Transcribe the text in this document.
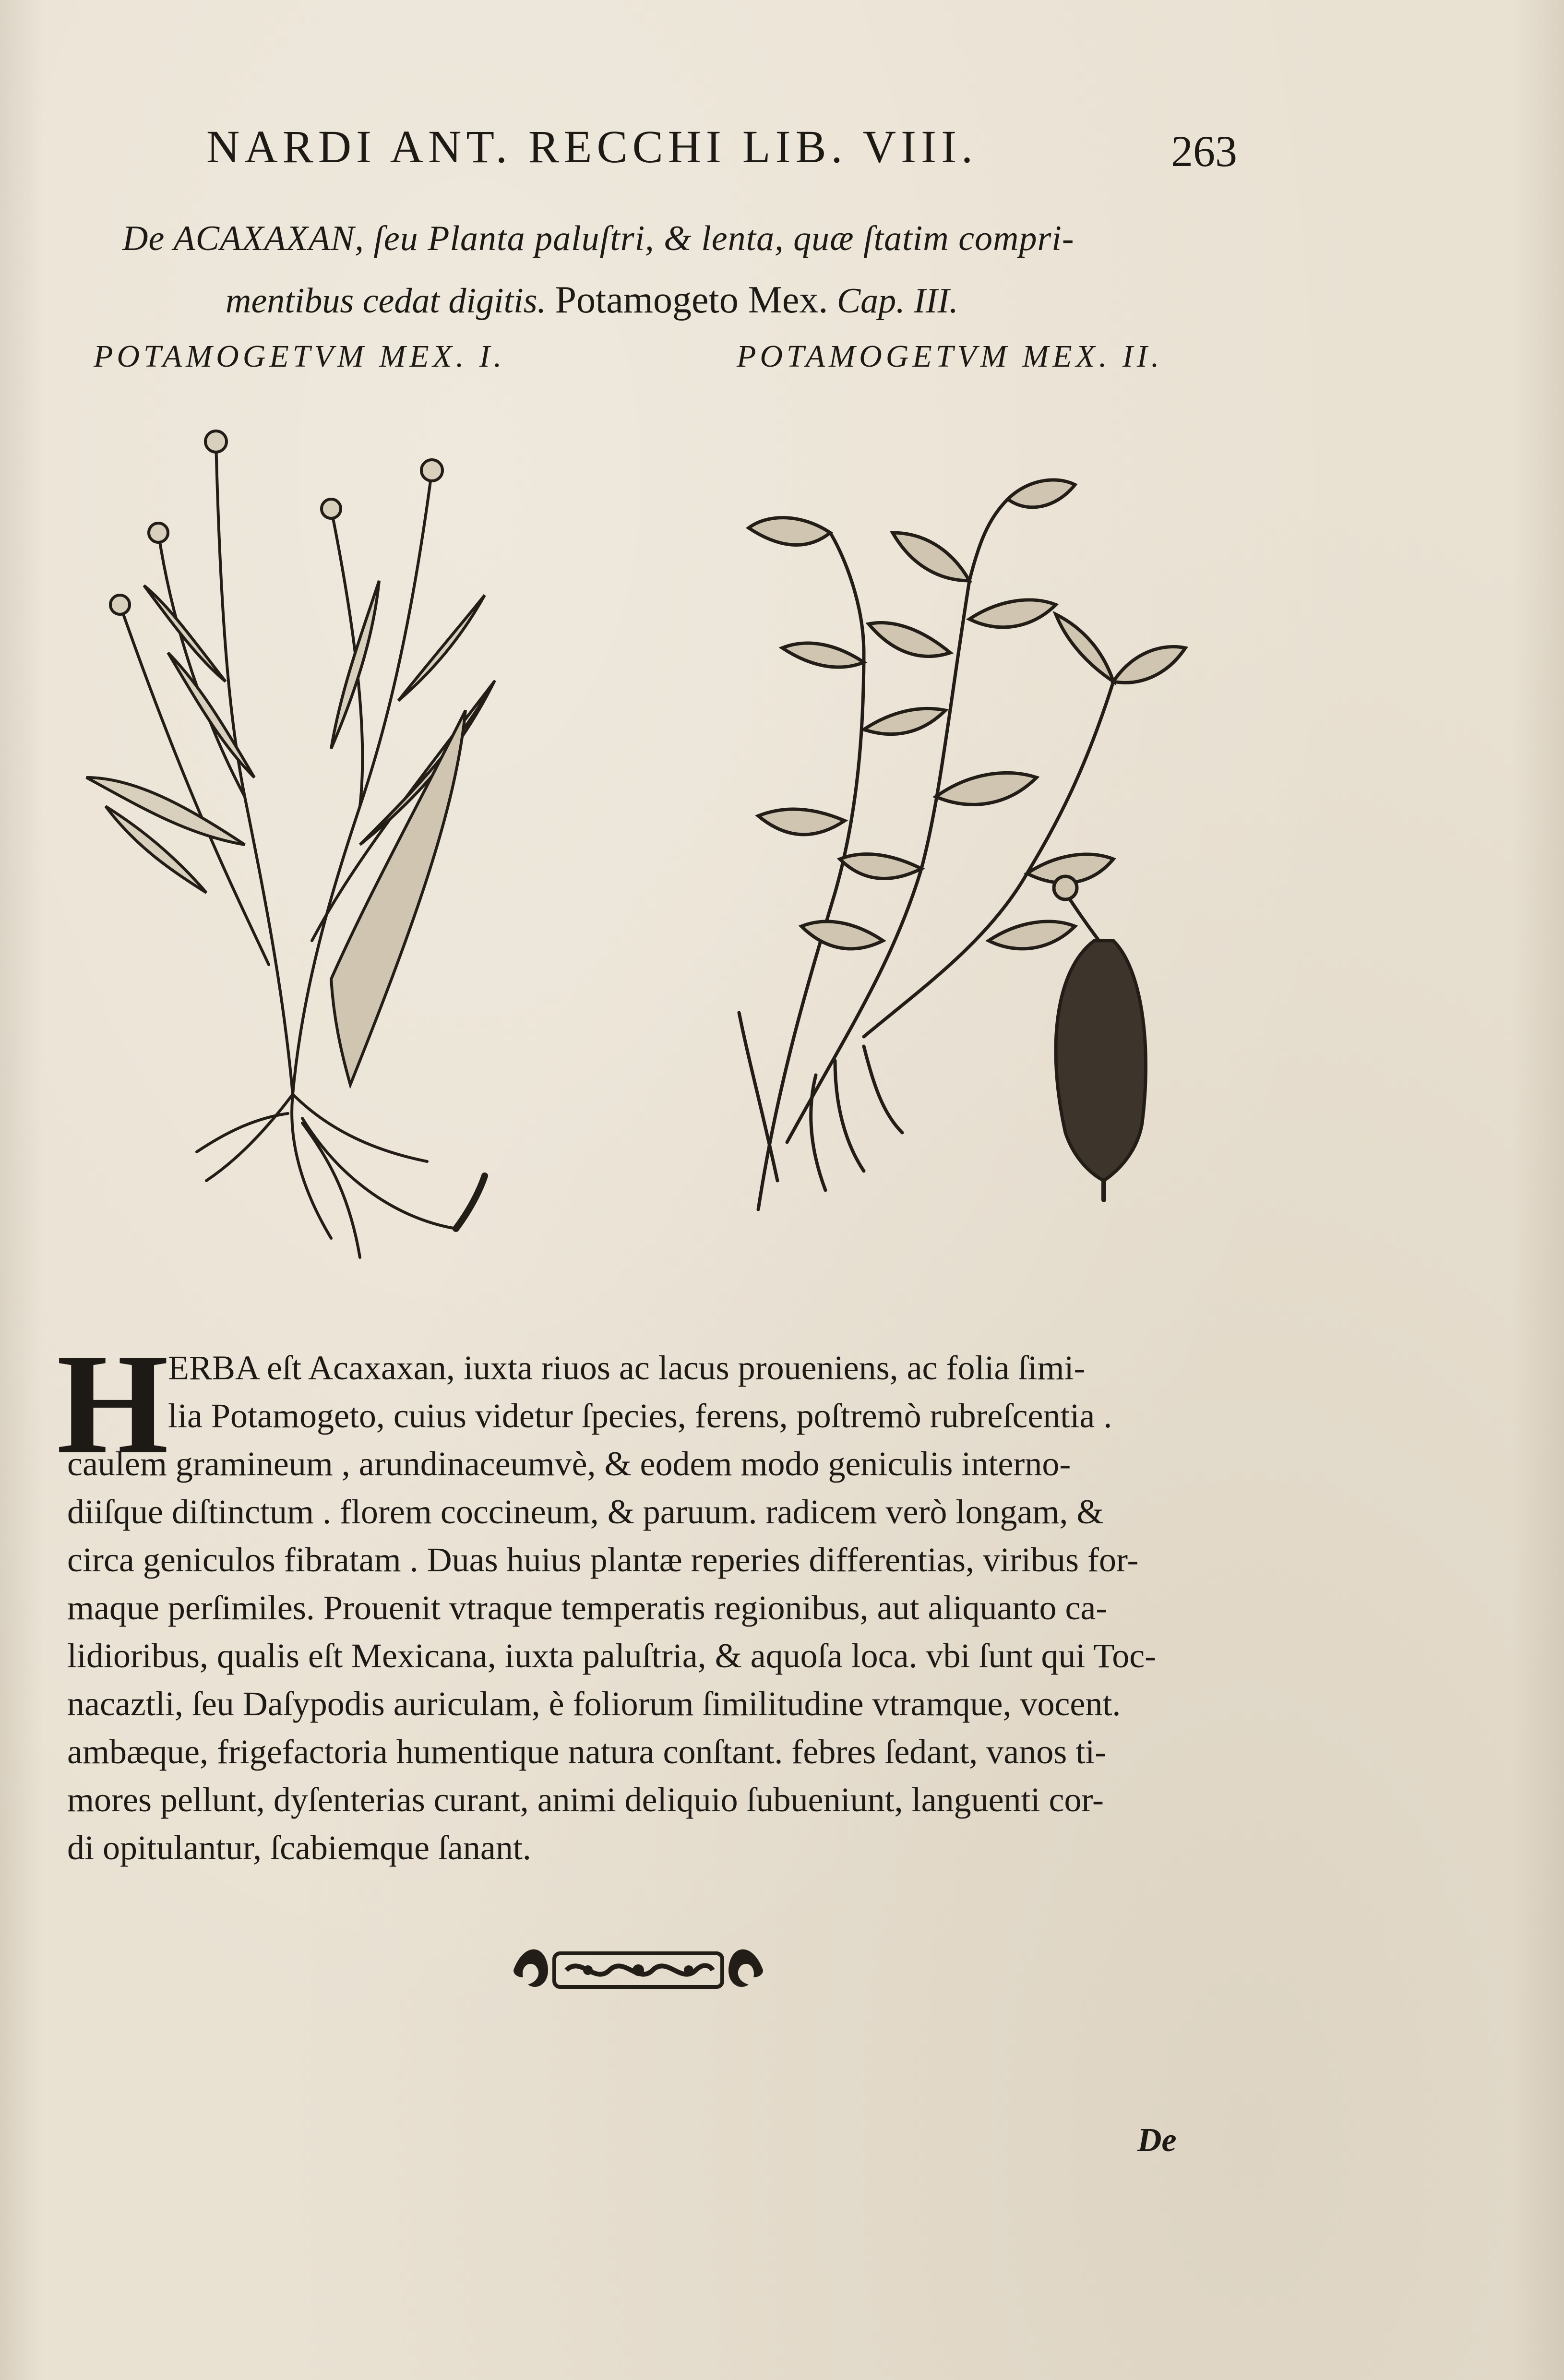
NARDI ANT. RECCHI LIB. VIII.	263
De ACAXAXAN, ſeu Planta paluſtri, & lenta, quæ ſtatim compri-
mentibus cedat digitis. Potamogeto Mex. Cap. III.
POTAMOGETVM MEX. I.	POTAMOGETVM MEX. II.
H
ERBA eſt Acaxaxan, iuxta riuos ac lacus proueniens, ac folia ſimi-
lia Potamogeto, cuius videtur ſpecies, ferens, poſtremò rubreſcentia .
caulem gramineum , arundinaceumvè, & eodem modo geniculis interno-
diiſque diſtinctum . florem coccineum, & paruum. radicem verò longam, &
circa geniculos fibratam . Duas huius plantæ reperies differentias, viribus for-
maque perſimiles. Prouenit vtraque temperatis regionibus, aut aliquanto ca-
lidioribus, qualis eſt Mexicana, iuxta paluſtria, & aquoſa loca. vbi ſunt qui Toc-
nacaztli, ſeu Daſypodis auriculam, è foliorum ſimilitudine vtramque, vocent.
ambæque, frigefactoria humentique natura conſtant. febres ſedant, vanos ti-
mores pellunt, dyſenterias curant, animi deliquio ſubueniunt, languenti cor-
di opitulantur, ſcabiemque ſanant.
De
